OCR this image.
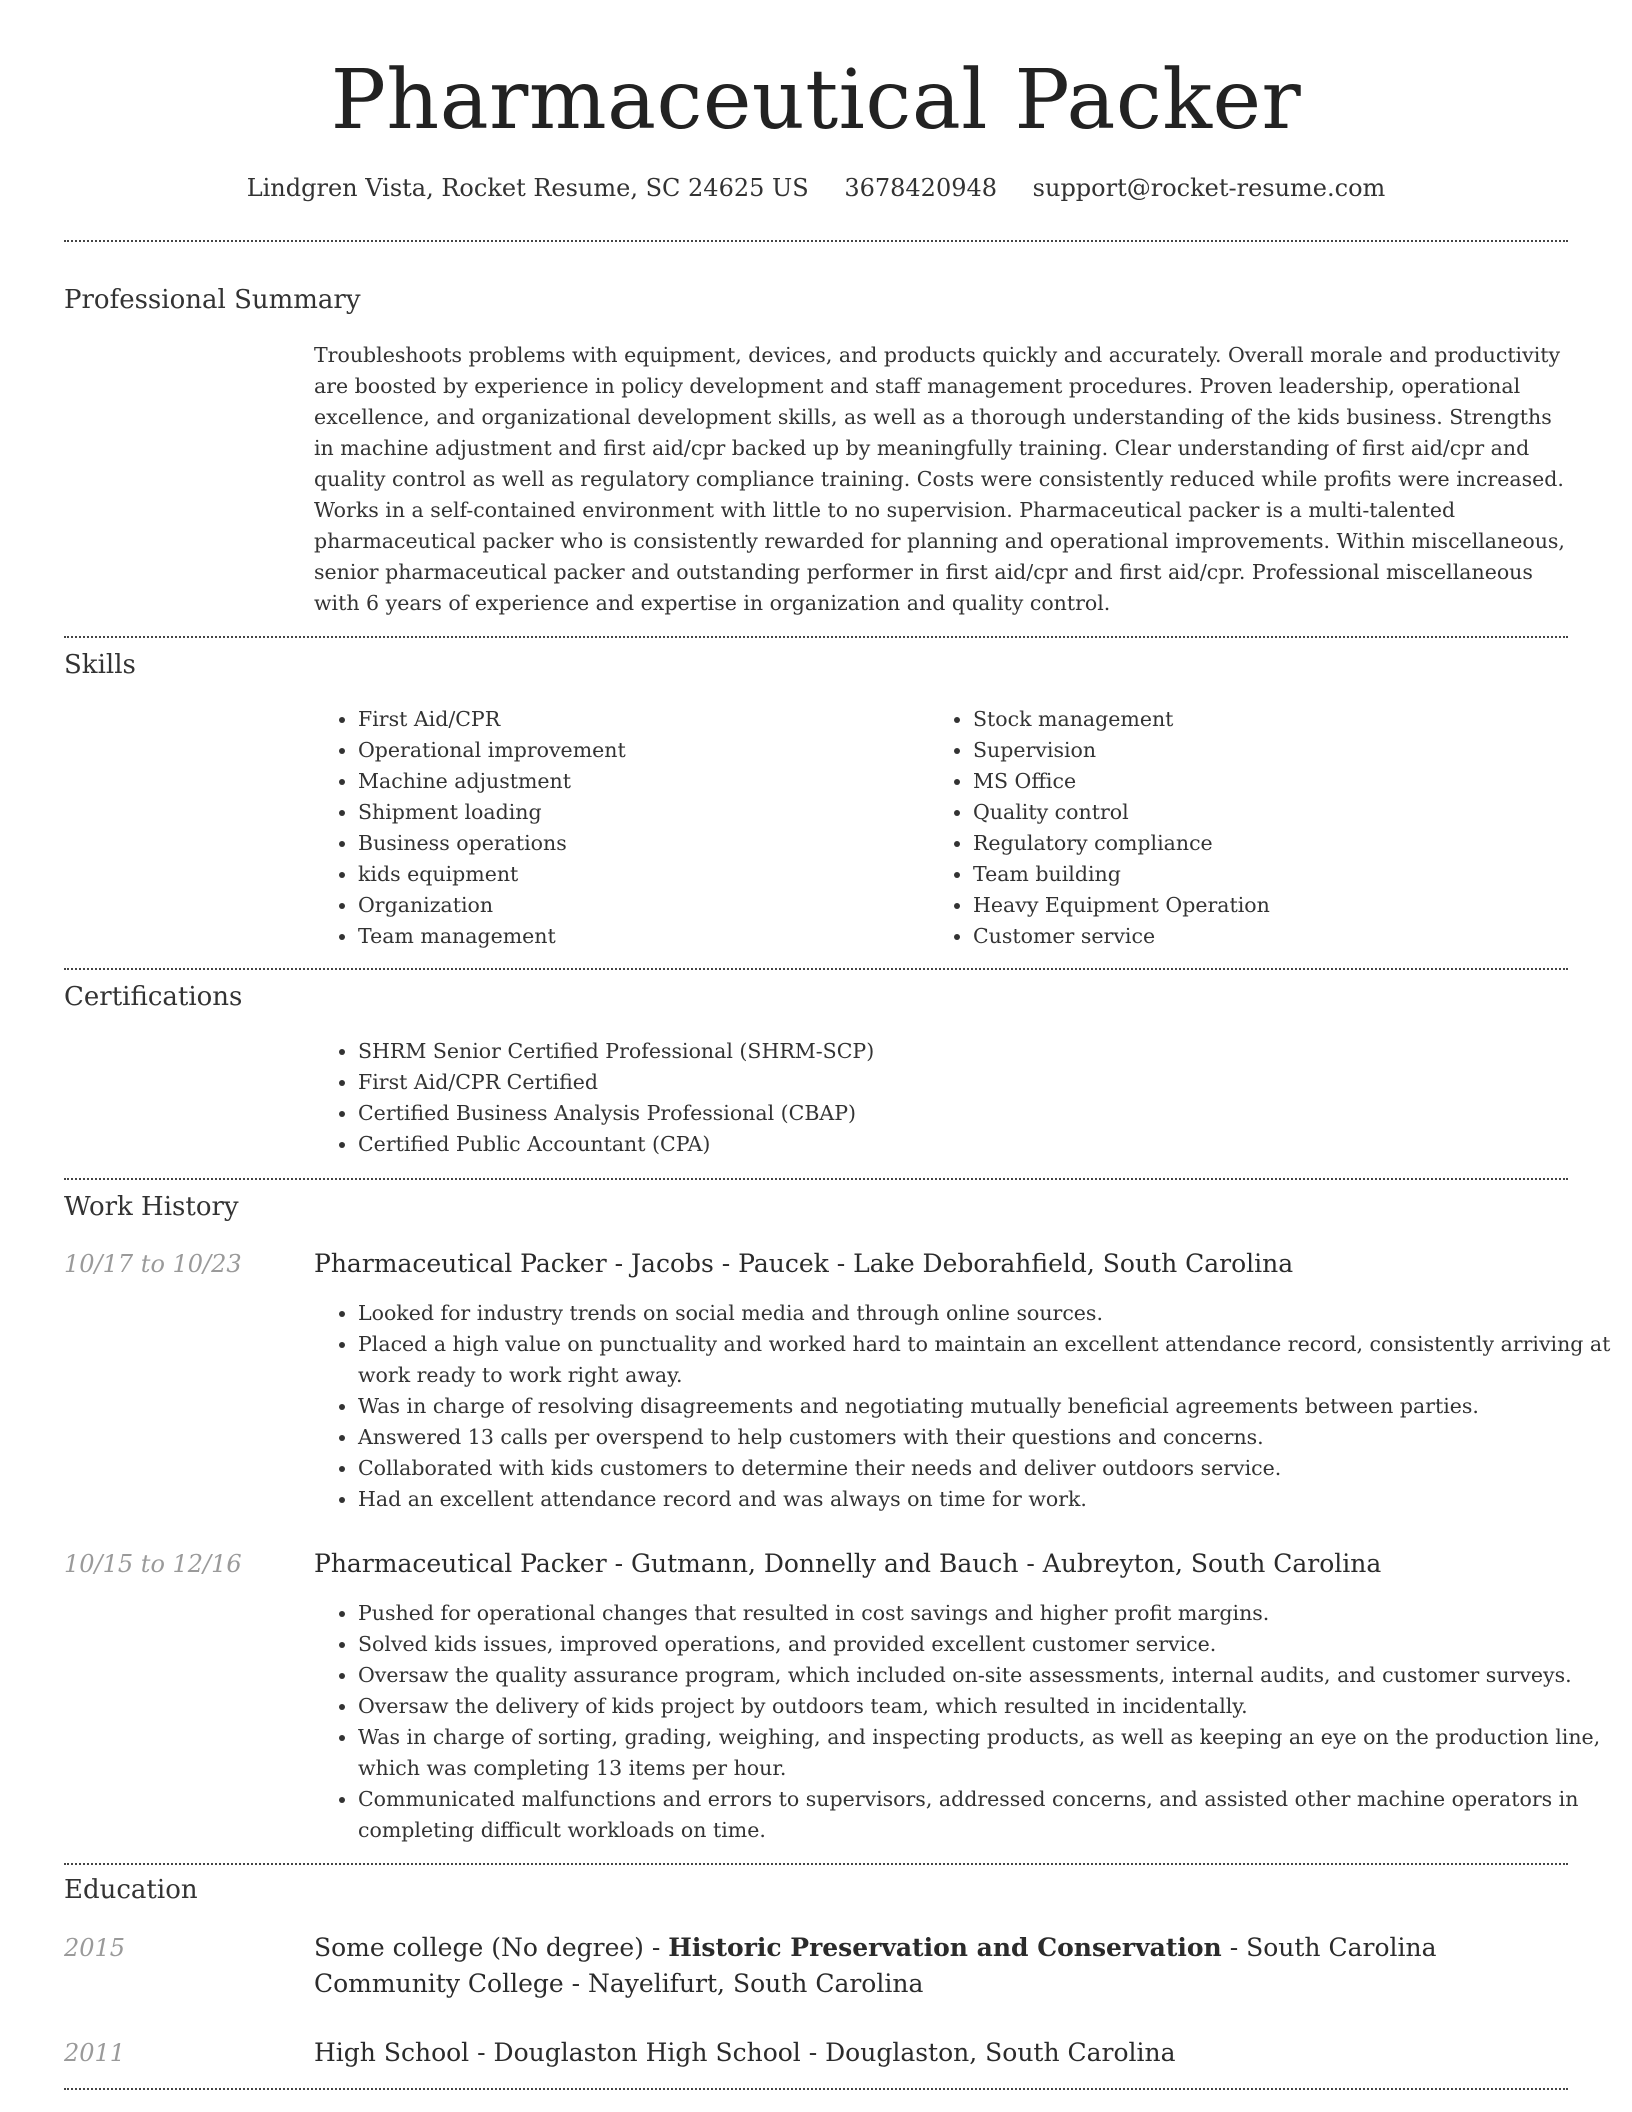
Pharmaceutical Packer
Lindgren Vista, Rocket Resume, SC 24625 US 3678420948 support@rocket-resume.com
Professional Summary

Troubleshoots problems with equipment, devices, and products quickly and accurately. Overall morale and productivity are boosted by experience in policy development and staff management procedures. Proven leadership, operational excellence, and organizational development skills, as well as a thorough understanding of the kids business. Strengths in machine adjustment and first aid/cpr backed up by meaningfully training. Clear understanding of first aid/cpr and quality control as well as regulatory compliance training. Costs were consistently reduced while profits were increased. Works in a self-contained environment with little to no supervision. Pharmaceutical packer is a multi-talented pharmaceutical packer who is consistently rewarded for planning and operational improvements. Within miscellaneous, senior pharmaceutical packer and outstanding performer in first aid/cpr and first aid/cpr. Professional miscellaneous with 6 years of experience and expertise in organization and quality control.

Skills
• First Aid/CPR
• Operational improvement
• Machine adjustment
• Shipment loading
• Business operations
• kids equipment
• Organization
• Team management
• Stock management
• Supervision
• MS Office
• Quality control
• Regulatory compliance
• Team building
• Heavy Equipment Operation
• Customer service
Certifications
• SHRM Senior Certified Professional (SHRM-SCP)
• First Aid/CPR Certified
• Certified Business Analysis Professional (CBAP)
• Certified Public Accountant (CPA)
Work History
10/17 to 10/23	Pharmaceutical Packer - Jacobs - Paucek - Lake Deborahfield, South Carolina
• Looked for industry trends on social media and through online sources.
• Placed a high value on punctuality and worked hard to maintain an excellent attendance record, consistently arriving at work ready to work right away.
• Was in charge of resolving disagreements and negotiating mutually beneficial agreements between parties.
• Answered 13 calls per overspend to help customers with their questions and concerns.
• Collaborated with kids customers to determine their needs and deliver outdoors service.
• Had an excellent attendance record and was always on time for work.
10/15 to 12/16	Pharmaceutical Packer - Gutmann, Donnelly and Bauch - Aubreyton, South Carolina
• Pushed for operational changes that resulted in cost savings and higher profit margins.
• Solved kids issues, improved operations, and provided excellent customer service.
• Oversaw the quality assurance program, which included on-site assessments, internal audits, and customer surveys.
• Oversaw the delivery of kids project by outdoors team, which resulted in incidentally.
• Was in charge of sorting, grading, weighing, and inspecting products, as well as keeping an eye on the production line, which was completing 13 items per hour.
• Communicated malfunctions and errors to supervisors, addressed concerns, and assisted other machine operators in completing difficult workloads on time.
Education
2015	Some college (No degree) - Historic Preservation and Conservation - South Carolina Community College - Nayelifurt, South Carolina
2011	High School - Douglaston High School - Douglaston, South Carolina
